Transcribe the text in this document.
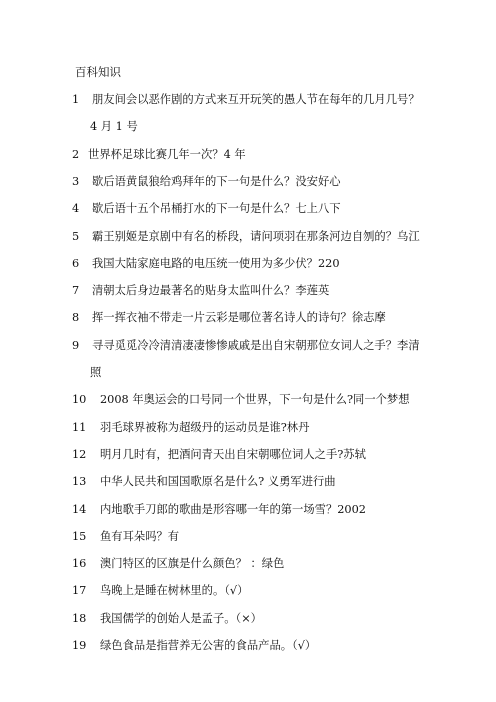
百科知识
1 朋友间会以恶作剧的方式来互开玩笑的愚人节在每年的几月几号？
4 月 1 号
2 世界杯足球比赛几年一次？4 年
3 歇后语黄鼠狼给鸡拜年的下一句是什么？没安好心
4 歇后语十五个吊桶打水的下一句是什么？七上八下
5 霸王别姬是京剧中有名的桥段，请问项羽在那条河边自刎的？乌江
6 我国大陆家庭电路的电压统一使用为多少伏？220
7 清朝太后身边最著名的贴身太监叫什么？李莲英
8 挥一挥衣袖不带走一片云彩是哪位著名诗人的诗句？徐志摩
9 寻寻觅觅冷冷清清凄凄惨惨戚戚是出自宋朝那位女词人之手？李清
照
10 2008 年奥运会的口号同一个世界，下一句是什么?同一个梦想
11 羽毛球界被称为超级丹的运动员是谁?林丹
12 明月几时有，把酒问青天出自宋朝哪位词人之手?苏轼
13 中华人民共和国国歌原名是什么? 义勇军进行曲
14 内地歌手刀郎的歌曲是形容哪一年的第一场雪？2002
15 鱼有耳朵吗？有
16 澳门特区的区旗是什么颜色？ ：绿色
17 鸟晚上是睡在树林里的。（√）
18 我国儒学的创始人是孟子。（×）
19 绿色食品是指营养无公害的食品产品。（√）
